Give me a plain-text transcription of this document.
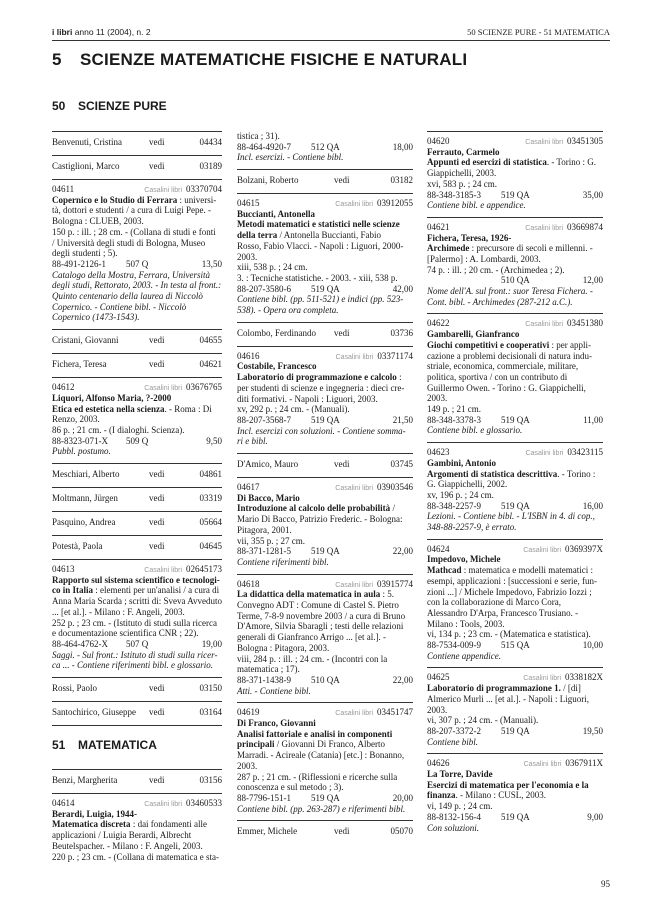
i libri anno 11 (2004), n. 2	50 SCIENZE PURE - 51 MATEMATICA
5 SCIENZE MATEMATICHE FISICHE E NATURALI
50 SCIENZE PURE
Benvenuti, Cristina	vedi	04434
Castiglioni, Marco	vedi	03189
04611	Casalini libri 03370704
Copernico e lo Studio di Ferrara : universi-
tà, dottori e studenti / a cura di Luigi Pepe. -
Bologna : CLUEB, 2003.
150 p. : ill. ; 28 cm. - (Collana di studi e fonti
/ Università degli studi di Bologna, Museo
degli studenti ; 5).
88-491-2126-1 507 Q	13,50
Catalogo della Mostra, Ferrara, Università
degli studi, Rettorato, 2003. - In testa al front.:
Quinto centenario della laurea di Niccolò
Copernico. - Contiene bibl. - Niccolò
Copernico (1473-1543).
Cristani, Giovanni	vedi	04655
Fichera, Teresa	vedi	04621
04612	Casalini libri 03676765
Liquori, Alfonso Maria, ?-2000
Etica ed estetica nella scienza. - Roma : Di
Renzo, 2003.
86 p. ; 21 cm. - (I dialoghi. Scienza).
88-8323-071-X 509 Q	9,50
Pubbl. postumo.
Meschiari, Alberto	vedi	04861
Moltmann, Jürgen	vedi	03319
Pasquino, Andrea	vedi	05664
Potestà, Paola	vedi	04645
04613	Casalini libri 02645173
Rapporto sul sistema scientifico e tecnologi-
co in Italia : elementi per un'analisi / a cura di
Anna Maria Scarda ; scritti di: Sveva Avveduto
... [et al.]. - Milano : F. Angeli, 2003.
252 p. ; 23 cm. - (Istituto di studi sulla ricerca
e documentazione scientifica CNR ; 22).
88-464-4762-X 507 Q	19,00
Saggi. - Sul front.: Istituto di studi sulla ricer-
ca ... - Contiene riferimenti bibl. e glossario.
Rossi, Paolo	vedi	03150
Santochirico, Giuseppe vedi	03164
51 MATEMATICA
Benzi, Margherita	vedi	03156
04614	Casalini libri 03460533
Berardi, Luigia, 1944-
Matematica discreta : dai fondamenti alle
applicazioni / Luigia Berardi, Albrecht
Beutelspacher. - Milano : F. Angeli, 2003.
220 p. ; 23 cm. - (Collana di matematica e sta-
tistica ; 31).
88-464-4920-7 512 QA	18,00
Incl. esercizi. - Contiene bibl.
Bolzani, Roberto	vedi	03182
04615	Casalini libri 03912055
Buccianti, Antonella
Metodi matematici e statistici nelle scienze
della terra / Antonella Buccianti, Fabio
Rosso, Fabio Vlacci. - Napoli : Liguori, 2000-
2003.
xiii, 538 p. ; 24 cm.
3. : Tecniche statistiche. - 2003. - xiii, 538 p.
88-207-3580-6 519 QA	42,00
Contiene bibl. (pp. 511-521) e indici (pp. 523-
538). - Opera ora completa.
Colombo, Ferdinando vedi	03736
04616	Casalini libri 03371174
Costabile, Francesco
Laboratorio di programmazione e calcolo :
per studenti di scienze e ingegneria : dieci cre-
diti formativi. - Napoli : Liguori, 2003.
xv, 292 p. ; 24 cm. - (Manuali).
88-207-3568-7 519 QA	21,50
Incl. esercizi con soluzioni. - Contiene somma-
ri e bibl.
D'Amico, Mauro	vedi	03745
04617	Casalini libri 03903546
Di Bacco, Mario
Introduzione al calcolo delle probabilità /
Mario Di Bacco, Patrizio Frederic. - Bologna:
Pitagora, 2001.
vii, 355 p. ; 27 cm.
88-371-1281-5 519 QA	22,00
Contiene riferimenti bibl.
04618	Casalini libri 03915774
La didattica della matematica in aula : 5.
Convegno ADT : Comune di Castel S. Pietro
Terme, 7-8-9 novembre 2003 / a cura di Bruno
D'Amore, Silvia Sbaragli ; testi delle relazioni
generali di Gianfranco Arrigo ... [et al.]. -
Bologna : Pitagora, 2003.
viii, 284 p. : ill. ; 24 cm. - (Incontri con la
matematica ; 17).
88-371-1438-9 510 QA	22,00
Atti. - Contiene bibl.
04619	Casalini libri 03451747
Di Franco, Giovanni
Analisi fattoriale e analisi in componenti
principali / Giovanni Di Franco, Alberto
Marradi. - Acireale (Catania) [etc.] : Bonanno,
2003.
287 p. ; 21 cm. - (Riflessioni e ricerche sulla
conoscenza e sul metodo ; 3).
88-7796-151-1 519 QA	20,00
Contiene bibl. (pp. 263-287) e riferimenti bibl.
Emmer, Michele	vedi	05070
04620	Casalini libri 03451305
Ferrauto, Carmelo
Appunti ed esercizi di statistica. - Torino : G.
Giappichelli, 2003.
xvi, 583 p. ; 24 cm.
88-348-3185-3 519 QA	35,00
Contiene bibl. e appendice.
04621	Casalini libri 03669874
Fichera, Teresa, 1926-
Archimede : precursore di secoli e millenni. -
[Palermo] : A. Lombardi, 2003.
74 p. : ill. ; 20 cm. - (Archimedea ; 2).
510 QA	12,00
Nome dell'A. sul front.: suor Teresa Fichera. -
Cont. bibl. - Archimedes (287-212 a.C.).
04622	Casalini libri 03451380
Gambarelli, Gianfranco
Giochi competitivi e cooperativi : per appli-
cazione a problemi decisionali di natura indu-
striale, economica, commerciale, militare,
politica, sportiva / con un contributo di
Guillermo Owen. - Torino : G. Giappichelli,
2003.
149 p. ; 21 cm.
88-348-3378-3 519 QA	11,00
Contiene bibl. e glossario.
04623	Casalini libri 03423115
Gambini, Antonio
Argomenti di statistica descrittiva. - Torino :
G. Giappichelli, 2002.
xv, 196 p. ; 24 cm.
88-348-2257-9 519 QA	16,00
Lezioni. - Contiene bibl. - L'ISBN in 4. di cop.,
348-88-2257-9, è errato.
04624	Casalini libri 0369397X
Impedovo, Michele
Mathcad : matematica e modelli matematici :
esempi, applicazioni : [successioni e serie, fun-
zioni ...] / Michele Impedovo, Fabrizio Iozzi ;
con la collaborazione di Marco Cora,
Alessandro D'Arpa, Francesco Trusiano. -
Milano : Tools, 2003.
vi, 134 p. ; 23 cm. - (Matematica e statistica).
88-7534-009-9 515 QA	10,00
Contiene appendice.
04625	Casalini libri 0338182X
Laboratorio di programmazione 1. / [di]
Almerico Murli ... [et al.]. - Napoli : Liguori,
2003.
vi, 307 p. ; 24 cm. - (Manuali).
88-207-3372-2 519 QA	19,50
Contiene bibl.
04626	Casalini libri 0367911X
La Torre, Davide
Esercizi di matematica per l'economia e la
finanza. - Milano : CUSL, 2003.
vi, 149 p. ; 24 cm.
88-8132-156-4 519 QA	9,00
Con soluzioni.
95
